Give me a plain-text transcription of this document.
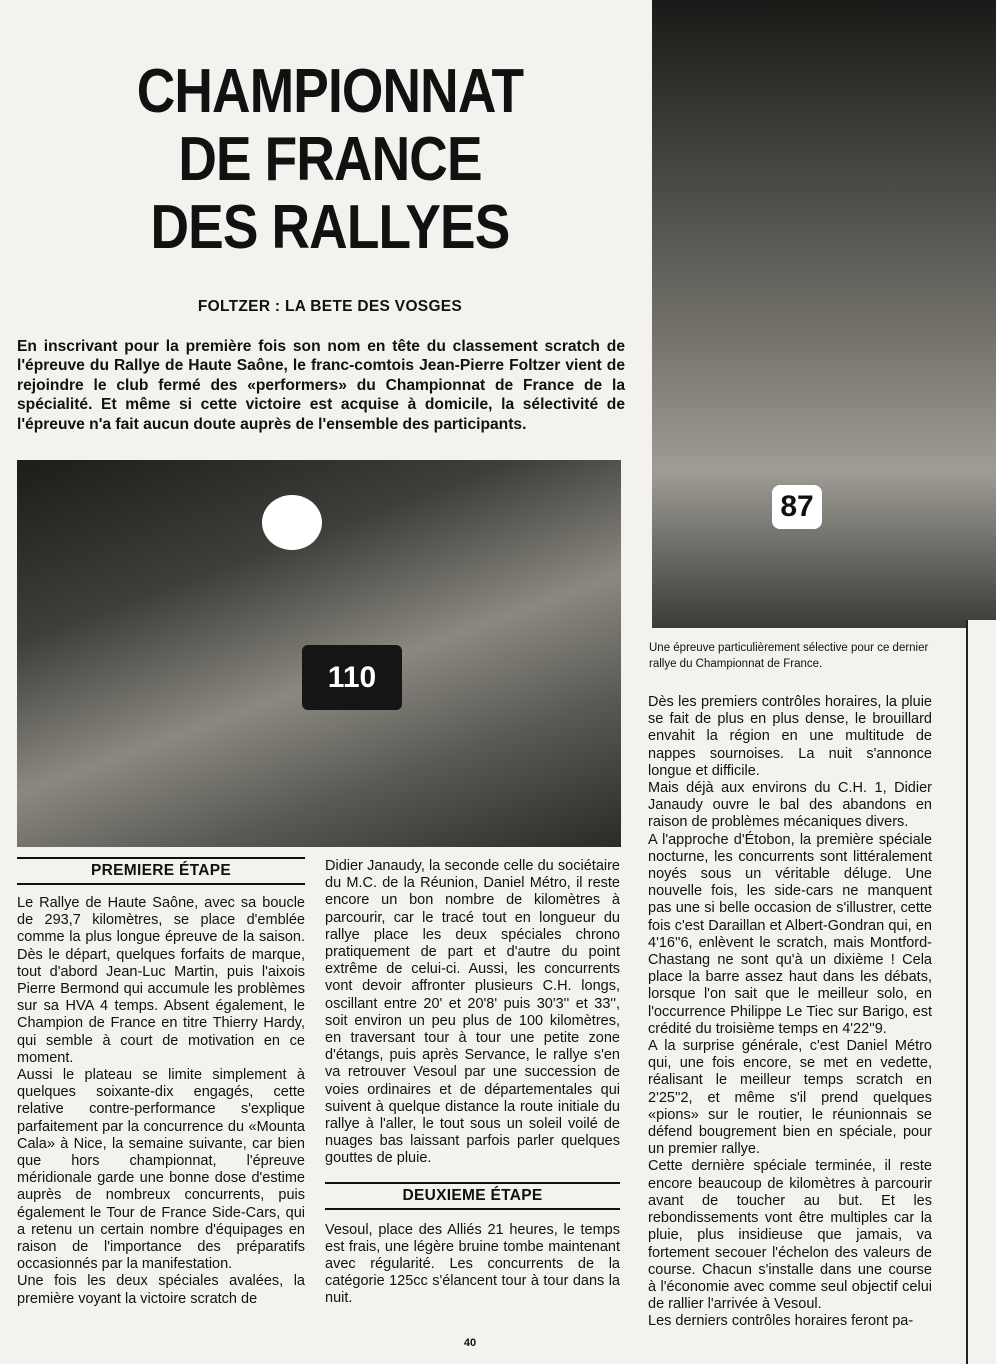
CHAMPIONNAT
DE FRANCE
DES RALLYES
FOLTZER : LA BETE DES VOSGES
En inscrivant pour la première fois son nom en tête du classement scratch de l'épreuve du Rallye de Haute Saône, le franc-comtois Jean-Pierre Foltzer vient de rejoindre le club fermé des «performers» du Championnat de France de la spécialité. Et même si cette victoire est acquise à domicile, la sélectivité de l'épreuve n'a fait aucun doute auprès de l'ensemble des participants.
87
110
Une épreuve particulièrement sélective pour ce dernier rallye du Championnat de France.
PREMIERE ÉTAPE

Le Rallye de Haute Saône, avec sa boucle de 293,7 kilomètres, se place d'emblée comme la plus longue épreuve de la saison. Dès le départ, quelques forfaits de marque, tout d'abord Jean-Luc Martin, puis l'aixois Pierre Bermond qui accumule les problèmes sur sa HVA 4 temps. Absent également, le Champion de France en titre Thierry Hardy, qui semble à court de motivation en ce moment.

Aussi le plateau se limite simplement à quelques soixante-dix engagés, cette relative contre-performance s'explique parfaitement par la concurrence du «Mounta Cala» à Nice, la semaine suivante, car bien que hors championnat, l'épreuve méridionale garde une bonne dose d'estime auprès de nombreux concurrents, puis également le Tour de France Side-Cars, qui a retenu un certain nombre d'équipages en raison de l'importance des préparatifs occasionnés par la manifestation.

Une fois les deux spéciales avalées, la première voyant la victoire scratch de

Didier Janaudy, la seconde celle du sociétaire du M.C. de la Réunion, Daniel Métro, il reste encore un bon nombre de kilomètres à parcourir, car le tracé tout en longueur du rallye place les deux spéciales chrono pratiquement de part et d'autre du point extrême de celui-ci. Aussi, les concurrents vont devoir affronter plusieurs C.H. longs, oscillant entre 20' et 20'8' puis 30'3'' et 33'', soit environ un peu plus de 100 kilomètres, en traversant tour à tour une petite zone d'étangs, puis après Servance, le rallye s'en va retrouver Vesoul par une succession de voies ordinaires et de départementales qui suivent à quelque distance la route initiale du rallye à l'aller, le tout sous un soleil voilé de nuages bas laissant parfois parler quelques gouttes de pluie.

DEUXIEME ÉTAPE

Vesoul, place des Alliés 21 heures, le temps est frais, une légère bruine tombe maintenant avec régularité. Les concurrents de la catégorie 125cc s'élancent tour à tour dans la nuit.

Dès les premiers contrôles horaires, la pluie se fait de plus en plus dense, le brouillard envahit la région en une multitude de nappes sournoises. La nuit s'annonce longue et difficile.

Mais déjà aux environs du C.H. 1, Didier Janaudy ouvre le bal des abandons en raison de problèmes mécaniques divers.

A l'approche d'Étobon, la première spéciale nocturne, les concurrents sont littéralement noyés sous un véritable déluge. Une nouvelle fois, les side-cars ne manquent pas une si belle occasion de s'illustrer, cette fois c'est Daraillan et Albert-Gondran qui, en 4'16''6, enlèvent le scratch, mais Montford-Chastang ne sont qu'à un dixième ! Cela place la barre assez haut dans les débats, lorsque l'on sait que le meilleur solo, en l'occurrence Philippe Le Tiec sur Barigo, est crédité du troisième temps en 4'22''9.

A la surprise générale, c'est Daniel Métro qui, une fois encore, se met en vedette, réalisant le meilleur temps scratch en 2'25''2, et même s'il prend quelques «pions» sur le routier, le réunionnais se défend bougrement bien en spéciale, pour un premier rallye.

Cette dernière spéciale terminée, il reste encore beaucoup de kilomètres à parcourir avant de toucher au but. Et les rebondissements vont être multiples car la pluie, plus insidieuse que jamais, va fortement secouer l'échelon des valeurs de course. Chacun s'installe dans une course à l'économie avec comme seul objectif celui de rallier l'arrivée à Vesoul.

Les derniers contrôles horaires feront pa-

40
